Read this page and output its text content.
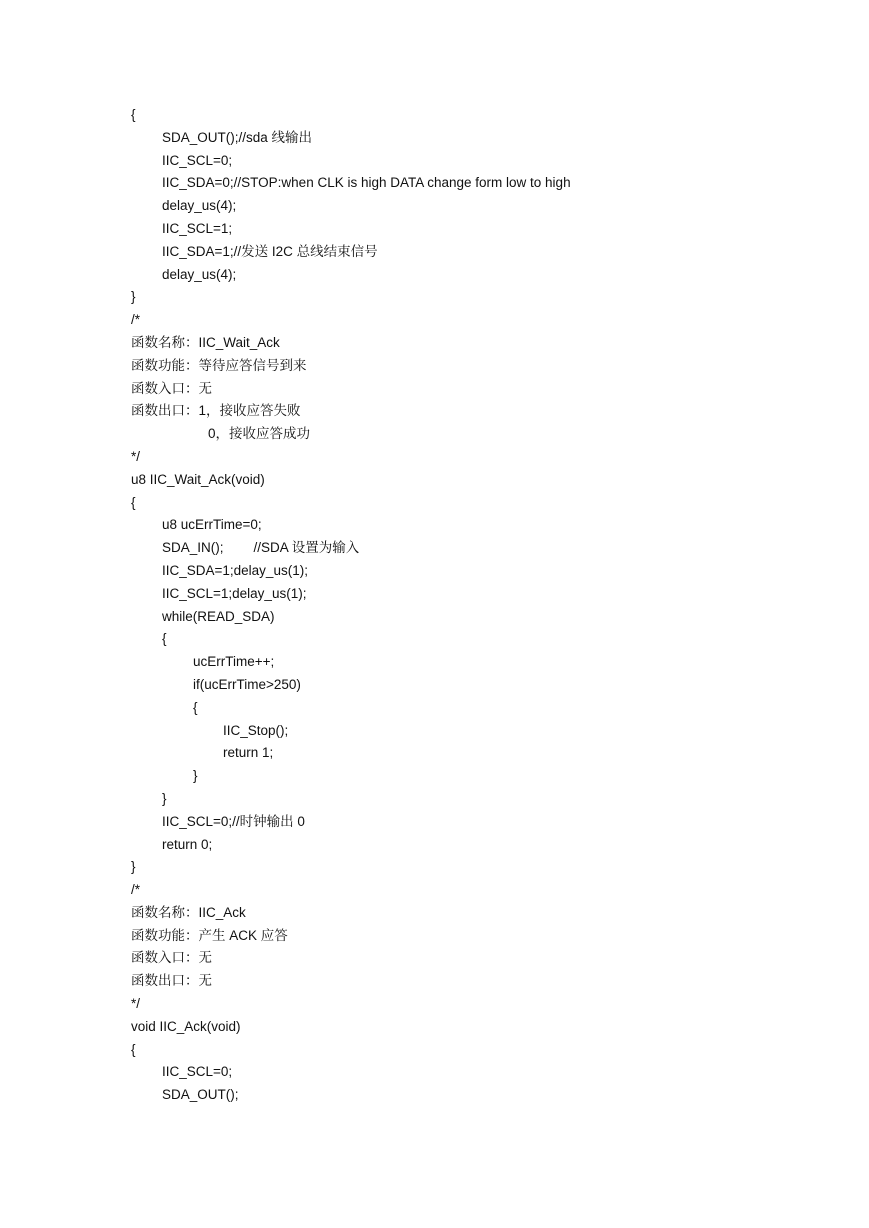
{
SDA_OUT();//sda 线输出
IIC_SCL=0;
IIC_SDA=0;//STOP:when CLK is high DATA change form low to high
delay_us(4);
IIC_SCL=1;
IIC_SDA=1;//发送 I2C 总线结束信号
delay_us(4);
}
/*
函数名称：IIC_Wait_Ack
函数功能：等待应答信号到来
函数入口：无
函数出口：1，接收应答失败
0，接收应答成功
*/
u8 IIC_Wait_Ack(void)
{
u8 ucErrTime=0;
SDA_IN(); //SDA 设置为输入
IIC_SDA=1;delay_us(1);
IIC_SCL=1;delay_us(1);
while(READ_SDA)
{
ucErrTime++;
if(ucErrTime>250)
{
IIC_Stop();
return 1;
}
}
IIC_SCL=0;//时钟输出 0
return 0;
}
/*
函数名称：IIC_Ack
函数功能：产生 ACK 应答
函数入口：无
函数出口：无
*/
void IIC_Ack(void)
{
IIC_SCL=0;
SDA_OUT();
